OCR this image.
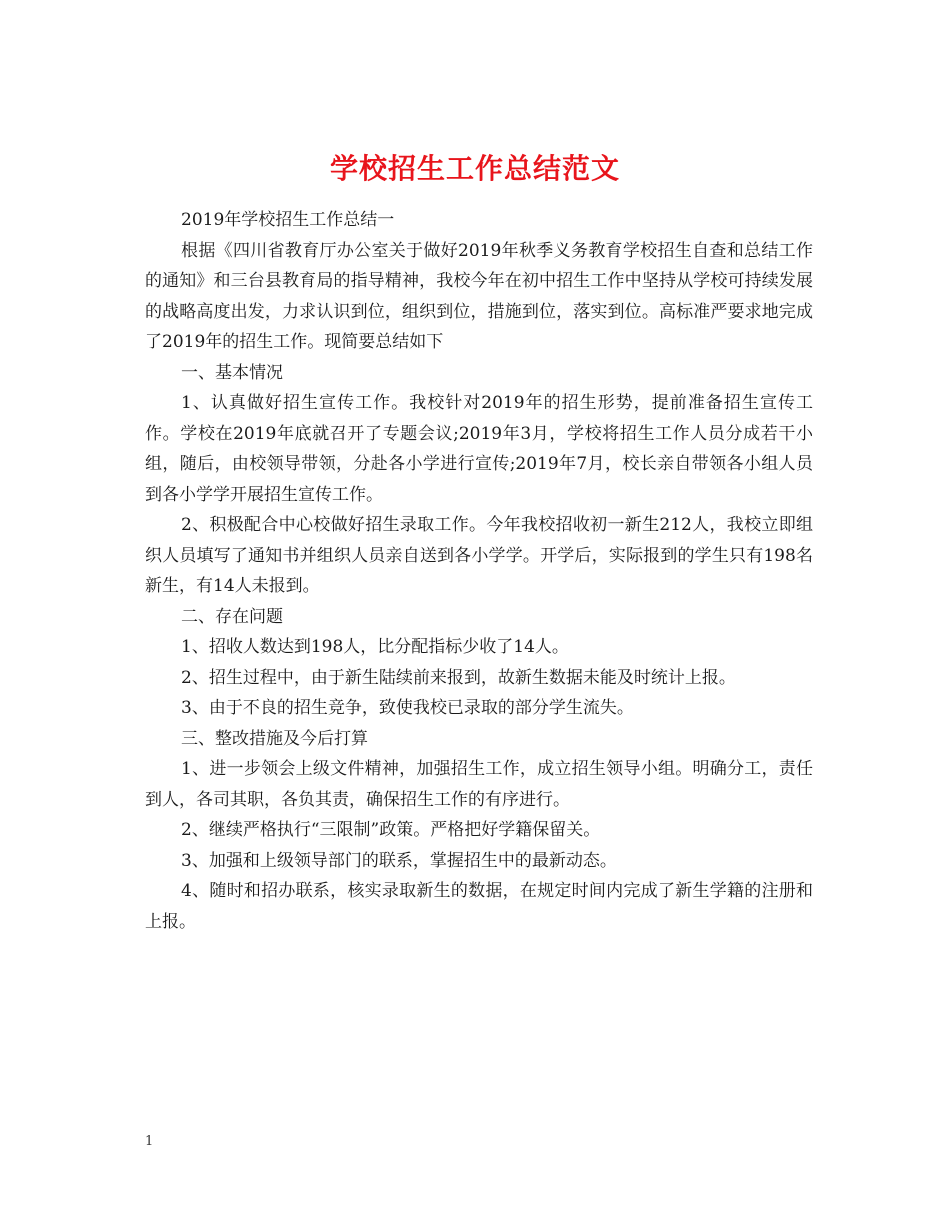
学校招生工作总结范文

2019年学校招生工作总结一

根据《四川省教育厅办公室关于做好2019年秋季义务教育学校招生自查和总结工作的通知》和三台县教育局的指导精神，我校今年在初中招生工作中坚持从学校可持续发展的战略高度出发，力求认识到位，组织到位，措施到位，落实到位。高标准严要求地完成了2019年的招生工作。现简要总结如下

一、基本情况

1、认真做好招生宣传工作。我校针对2019年的招生形势，提前准备招生宣传工作。学校在2019年底就召开了专题会议;2019年3月，学校将招生工作人员分成若干小组，随后，由校领导带领，分赴各小学进行宣传;2019年7月，校长亲自带领各小组人员到各小学学开展招生宣传工作。

2、积极配合中心校做好招生录取工作。今年我校招收初一新生212人，我校立即组织人员填写了通知书并组织人员亲自送到各小学学。开学后，实际报到的学生只有198名新生，有14人未报到。

二、存在问题

1、招收人数达到198人，比分配指标少收了14人。

2、招生过程中，由于新生陆续前来报到，故新生数据未能及时统计上报。

3、由于不良的招生竞争，致使我校已录取的部分学生流失。

三、整改措施及今后打算

1、进一步领会上级文件精神，加强招生工作，成立招生领导小组。明确分工，责任到人，各司其职，各负其责，确保招生工作的有序进行。

2、继续严格执行“三限制”政策。严格把好学籍保留关。

3、加强和上级领导部门的联系，掌握招生中的最新动态。

4、随时和招办联系，核实录取新生的数据，在规定时间内完成了新生学籍的注册和上报。

1
